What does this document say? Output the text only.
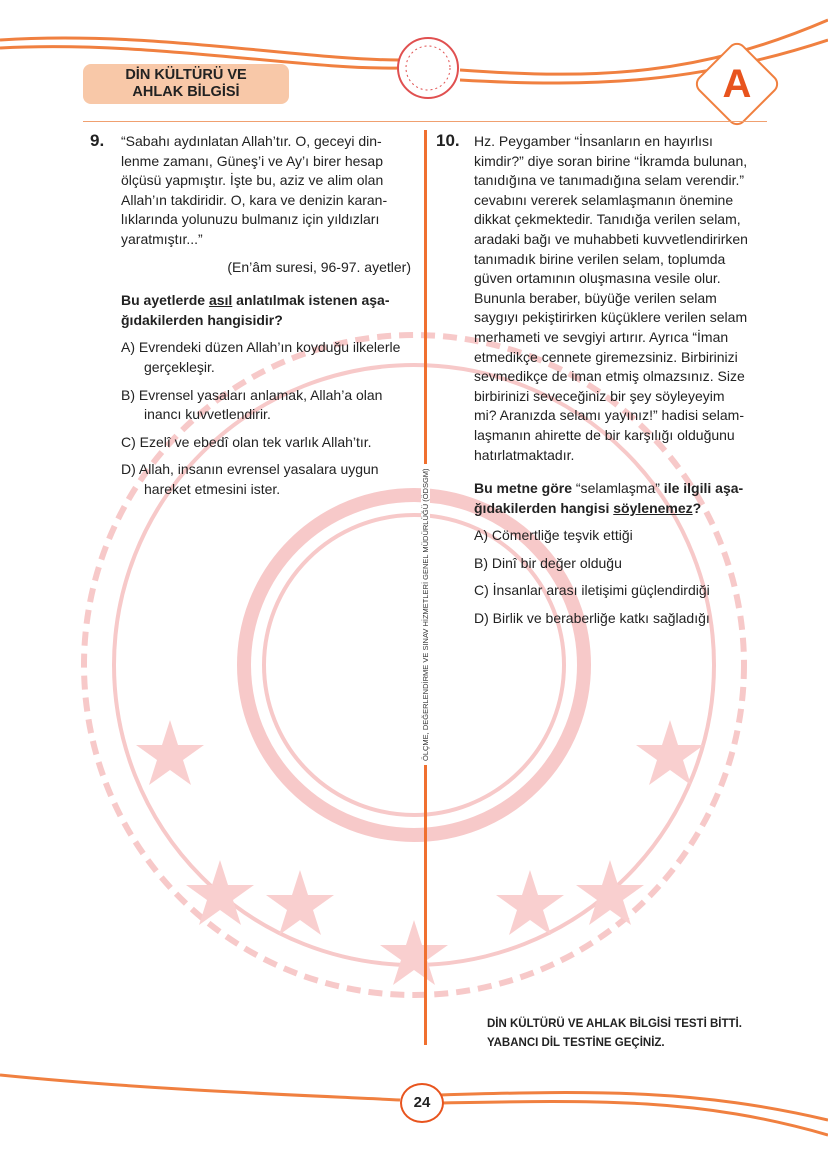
DİN KÜLTÜRÜ VE
AHLAK BİLGİSİ	A
ÖLÇME, DEĞERLENDİRME VE SINAV HİZMETLERİ GENEL MÜDÜRLÜĞÜ (ÖDSGM)
9. “Sabahı aydınlatan Allah’tır. O, geceyi din-
lenme zamanı, Güneş’i ve Ay’ı birer hesap
ölçüsü yapmıştır. İşte bu, aziz ve alim olan
Allah’ın takdiridir. O, kara ve denizin karan-
lıklarında yolunuzu bulmanız için yıldızları
yaratmıştır...”
(En’âm suresi, 96-97. ayetler)
Bu ayetlerde asıl anlatılmak istenen aşa-
ğıdakilerden hangisidir?
A) Evrendeki düzen Allah’ın koyduğu ilkelerle
gerçekleşir.
B) Evrensel yasaları anlamak, Allah’a olan
inancı kuvvetlendirir.
C) Ezelî ve ebedî olan tek varlık Allah’tır.
D) Allah, insanın evrensel yasalara uygun
hareket etmesini ister.
10. Hz. Peygamber “İnsanların en hayırlısı
kimdir?” diye soran birine “İkramda bulunan,
tanıdığına ve tanımadığına selam verendir.”
cevabını vererek selamlaşmanın önemine
dikkat çekmektedir. Tanıdığa verilen selam,
aradaki bağı ve muhabbeti kuvvetlendirirken
tanımadık birine verilen selam, toplumda
güven ortamının oluşmasına vesile olur.
Bununla beraber, büyüğe verilen selam
saygıyı pekiştirirken küçüklere verilen selam
merhameti ve sevgiyi artırır. Ayrıca “İman
etmedikçe cennete giremezsiniz. Birbirinizi
sevmedikçe de iman etmiş olmazsınız. Size
birbirinizi seveceğiniz bir şey söyleyeyim
mi? Aranızda selamı yayınız!” hadisi selam-
laşmanın ahirette de bir karşılığı olduğunu
hatırlatmaktadır.
Bu metne göre “selamlaşma” ile ilgili aşa-
ğıdakilerden hangisi söylenemez?
A) Cömertliğe teşvik ettiği
B) Dinî bir değer olduğu
C) İnsanlar arası iletişimi güçlendirdiği
D) Birlik ve beraberliğe katkı sağladığı
DİN KÜLTÜRÜ VE AHLAK BİLGİSİ TESTİ BİTTİ.
YABANCI DİL TESTİNE GEÇİNİZ.
24
